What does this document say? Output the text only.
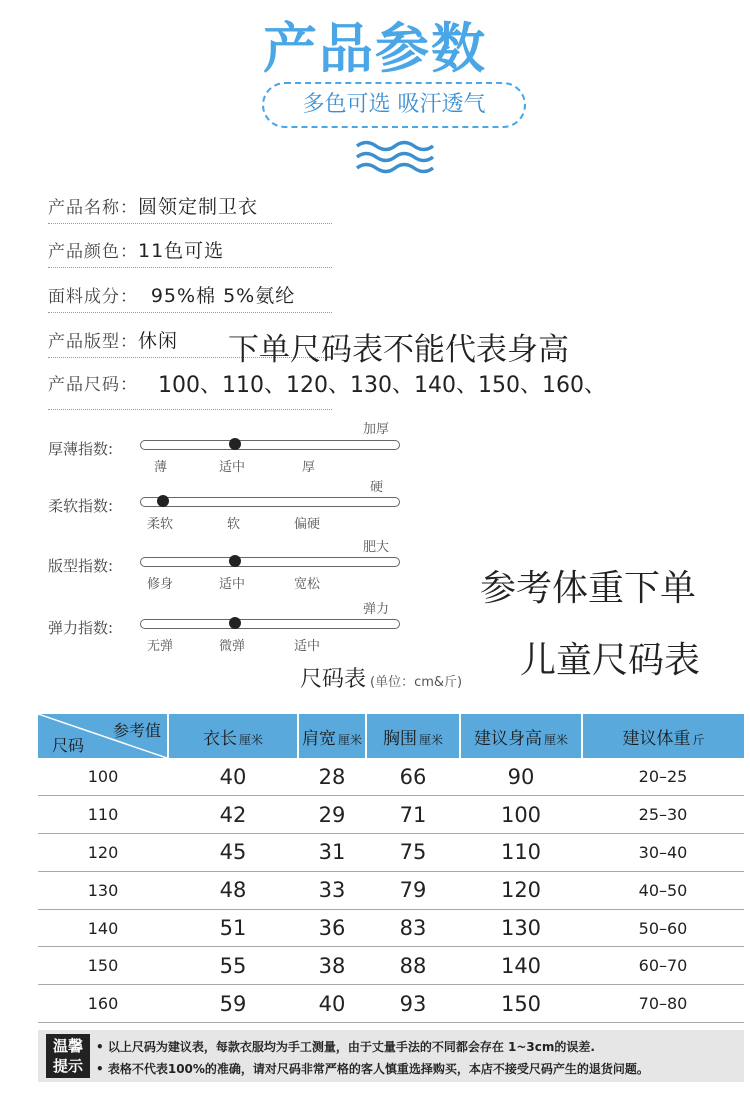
产品参数
多色可选 吸汗透气
产品名称：圆领定制卫衣
产品颜色：11色可选
面料成分： 95%棉 5%氨纶
产品版型：休闲	下单尺码表不能代表身高
产品尺码： 100、110、120、130、140、150、160、
加厚
厚薄指数:
薄	适中	厚
硬
柔软指数:
柔软	软	偏硬
肥大
版型指数:
修身	适中	宽松
弹力
弹力指数:
无弹	微弹	适中
参考体重下单
儿童尺码表
尺码表 (单位：cm&斤)
参考值
尺码	衣长 厘米	肩宽 厘米	胸围 厘米	建议身高 厘米	建议体重 斤
100	40	28	66	90	20–25
110	42	29	71	100	25–30
120	45	31	75	110	30–40
130	48	33	79	120	40–50
140	51	36	83	130	50–60
150	55	38	88	140	60–70
160	59	40	93	150	70–80
温馨
提示
• 以上尺码为建议表，每款衣服均为手工测量，由于丈量手法的不同都会存在 1~3cm的误差.
• 表格不代表100%的准确，请对尺码非常严格的客人慎重选择购买，本店不接受尺码产生的退货问题。
